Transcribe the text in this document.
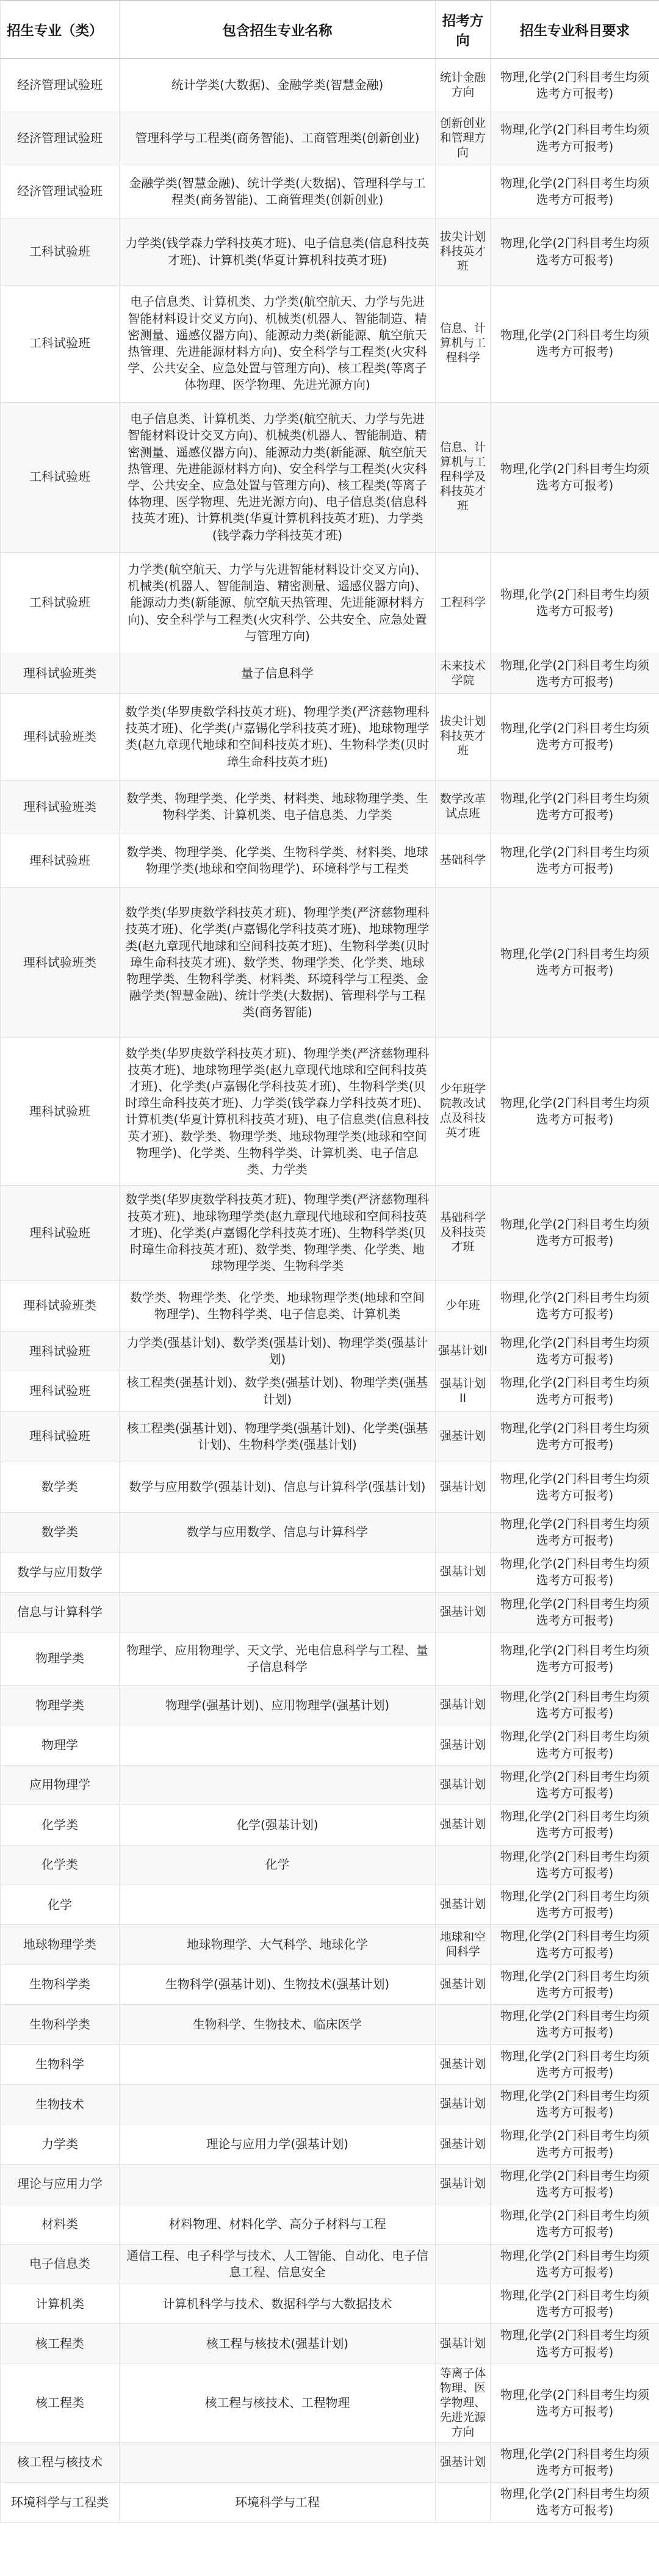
招生专业（类）	包含招生专业名称	招考方向	招生专业科目要求
经济管理试验班	统计学类(大数据)、金融学类(智慧金融)	统计金融方向	物理,化学(2门科目考生均须选考方可报考)
经济管理试验班	管理科学与工程类(商务智能)、工商管理类(创新创业)	创新创业和管理方向	物理,化学(2门科目考生均须选考方可报考)
经济管理试验班	金融学类(智慧金融)、统计学类(大数据)、管理科学与工程类(商务智能)、工商管理类(创新创业)		物理,化学(2门科目考生均须选考方可报考)
工科试验班	力学类(钱学森力学科技英才班)、电子信息类(信息科技英才班)、计算机类(华夏计算机科技英才班)	拔尖计划科技英才班	物理,化学(2门科目考生均须选考方可报考)
工科试验班	电子信息类、计算机类、力学类(航空航天、力学与先进智能材料设计交叉方向)、机械类(机器人、智能制造、精密测量、遥感仪器方向)、能源动力类(新能源、航空航天热管理、先进能源材料方向)、安全科学与工程类(火灾科学、公共安全、应急处置与管理方向)、核工程类(等离子体物理、医学物理、先进光源方向)	信息、计算机与工程科学	物理,化学(2门科目考生均须选考方可报考)
工科试验班	电子信息类、计算机类、力学类(航空航天、力学与先进智能材料设计交叉方向)、机械类(机器人、智能制造、精密测量、遥感仪器方向)、能源动力类(新能源、航空航天热管理、先进能源材料方向)、安全科学与工程类(火灾科学、公共安全、应急处置与管理方向)、核工程类(等离子体物理、医学物理、先进光源方向)、电子信息类(信息科技英才班)、计算机类(华夏计算机科技英才班)、力学类(钱学森力学科技英才班)	信息、计算机与工程科学及科技英才班	物理,化学(2门科目考生均须选考方可报考)
工科试验班	力学类(航空航天、力学与先进智能材料设计交叉方向)、机械类(机器人、智能制造、精密测量、遥感仪器方向)、能源动力类(新能源、航空航天热管理、先进能源材料方向)、安全科学与工程类(火灾科学、公共安全、应急处置与管理方向)	工程科学	物理,化学(2门科目考生均须选考方可报考)
理科试验班类	量子信息科学	未来技术学院	物理,化学(2门科目考生均须选考方可报考)
理科试验班类	数学类(华罗庚数学科技英才班)、物理学类(严济慈物理科技英才班)、化学类(卢嘉锡化学科技英才班)、地球物理学类(赵九章现代地球和空间科技英才班)、生物科学类(贝时璋生命科技英才班)	拔尖计划科技英才班	物理,化学(2门科目考生均须选考方可报考)
理科试验班类	数学类、物理学类、化学类、材料类、地球物理学类、生物科学类、计算机类、电子信息类、力学类	数学改革试点班	物理,化学(2门科目考生均须选考方可报考)
理科试验班	数学类、物理学类、化学类、生物科学类、材料类、地球物理学类(地球和空间物理学)、环境科学与工程类	基础科学	物理,化学(2门科目考生均须选考方可报考)
理科试验班类	数学类(华罗庚数学科技英才班)、物理学类(严济慈物理科技英才班)、化学类(卢嘉锡化学科技英才班)、地球物理学类(赵九章现代地球和空间科技英才班)、生物科学类(贝时璋生命科技英才班)、数学类、物理学类、化学类、地球物理学类、生物科学类、材料类、环境科学与工程类、金融学类(智慧金融)、统计学类(大数据)、管理科学与工程类(商务智能)		物理,化学(2门科目考生均须选考方可报考)
理科试验班	数学类(华罗庚数学科技英才班)、物理学类(严济慈物理科技英才班)、地球物理学类(赵九章现代地球和空间科技英才班)、化学类(卢嘉锡化学科技英才班)、生物科学类(贝时璋生命科技英才班)、力学类(钱学森力学科技英才班)、计算机类(华夏计算机科技英才班)、电子信息类(信息科技英才班)、数学类、物理学类、地球物理学类(地球和空间物理学)、化学类、生物科学类、计算机类、电子信息类、力学类	少年班学院教改试点及科技英才班	物理,化学(2门科目考生均须选考方可报考)
理科试验班	数学类(华罗庚数学科技英才班)、物理学类(严济慈物理科技英才班)、地球物理学类(赵九章现代地球和空间科技英才班)、化学类(卢嘉锡化学科技英才班)、生物科学类(贝时璋生命科技英才班)、数学类、物理学类、化学类、地球物理学类、生物科学类	基础科学及科技英才班	物理,化学(2门科目考生均须选考方可报考)
理科试验班类	数学类、物理学类、化学类、地球物理学类(地球和空间物理学)、生物科学类、电子信息类、计算机类	少年班	物理,化学(2门科目考生均须选考方可报考)
理科试验班	力学类(强基计划)、数学类(强基计划)、物理学类(强基计划)	强基计划I	物理,化学(2门科目考生均须选考方可报考)
理科试验班	核工程类(强基计划)、数学类(强基计划)、物理学类(强基计划)	强基计划II	物理,化学(2门科目考生均须选考方可报考)
理科试验班	核工程类(强基计划)、物理学类(强基计划)、化学类(强基计划)、生物科学类(强基计划)	强基计划	物理,化学(2门科目考生均须选考方可报考)
数学类	数学与应用数学(强基计划)、信息与计算科学(强基计划)	强基计划	物理,化学(2门科目考生均须选考方可报考)
数学类	数学与应用数学、信息与计算科学		物理,化学(2门科目考生均须选考方可报考)
数学与应用数学		强基计划	物理,化学(2门科目考生均须选考方可报考)
信息与计算科学		强基计划	物理,化学(2门科目考生均须选考方可报考)
物理学类	物理学、应用物理学、天文学、光电信息科学与工程、量子信息科学		物理,化学(2门科目考生均须选考方可报考)
物理学类	物理学(强基计划)、应用物理学(强基计划)	强基计划	物理,化学(2门科目考生均须选考方可报考)
物理学		强基计划	物理,化学(2门科目考生均须选考方可报考)
应用物理学		强基计划	物理,化学(2门科目考生均须选考方可报考)
化学类	化学(强基计划)	强基计划	物理,化学(2门科目考生均须选考方可报考)
化学类	化学		物理,化学(2门科目考生均须选考方可报考)
化学		强基计划	物理,化学(2门科目考生均须选考方可报考)
地球物理学类	地球物理学、大气科学、地球化学	地球和空间科学	物理,化学(2门科目考生均须选考方可报考)
生物科学类	生物科学(强基计划)、生物技术(强基计划)	强基计划	物理,化学(2门科目考生均须选考方可报考)
生物科学类	生物科学、生物技术、临床医学		物理,化学(2门科目考生均须选考方可报考)
生物科学		强基计划	物理,化学(2门科目考生均须选考方可报考)
生物技术		强基计划	物理,化学(2门科目考生均须选考方可报考)
力学类	理论与应用力学(强基计划)	强基计划	物理,化学(2门科目考生均须选考方可报考)
理论与应用力学		强基计划	物理,化学(2门科目考生均须选考方可报考)
材料类	材料物理、材料化学、高分子材料与工程		物理,化学(2门科目考生均须选考方可报考)
电子信息类	通信工程、电子科学与技术、人工智能、自动化、电子信息工程、信息安全		物理,化学(2门科目考生均须选考方可报考)
计算机类	计算机科学与技术、数据科学与大数据技术		物理,化学(2门科目考生均须选考方可报考)
核工程类	核工程与核技术(强基计划)	强基计划	物理,化学(2门科目考生均须选考方可报考)
核工程类	核工程与核技术、工程物理	等离子体物理、医学物理、先进光源方向	物理,化学(2门科目考生均须选考方可报考)
核工程与核技术		强基计划	物理,化学(2门科目考生均须选考方可报考)
环境科学与工程类	环境科学与工程		物理,化学(2门科目考生均须选考方可报考)
